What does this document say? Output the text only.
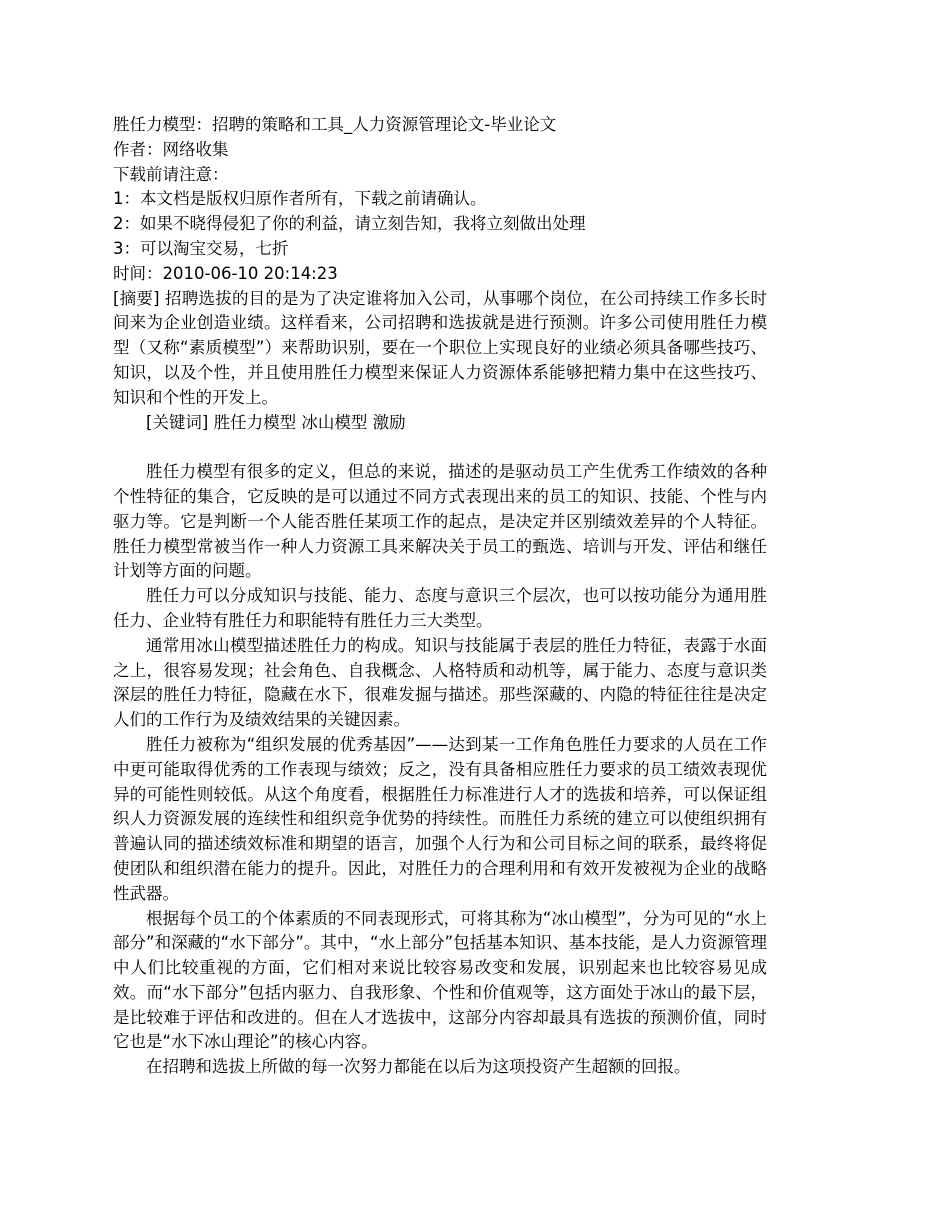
胜任力模型：招聘的策略和工具_人力资源管理论文-毕业论文
作者：网络收集
下载前请注意：
1：本文档是版权归原作者所有，下载之前请确认。
2：如果不晓得侵犯了你的利益，请立刻告知，我将立刻做出处理
3：可以淘宝交易，七折
时间：2010-06-10 20:14:23

[摘要] 招聘选拔的目的是为了决定谁将加入公司，从事哪个岗位，在公司持续工作多长时间来为企业创造业绩。这样看来，公司招聘和选拔就是进行预测。许多公司使用胜任力模型（又称“素质模型”）来帮助识别，要在一个职位上实现良好的业绩必须具备哪些技巧、知识，以及个性，并且使用胜任力模型来保证人力资源体系能够把精力集中在这些技巧、知识和个性的开发上。

[关键词] 胜任力模型 冰山模型 激励

胜任力模型有很多的定义，但总的来说，描述的是驱动员工产生优秀工作绩效的各种个性特征的集合，它反映的是可以通过不同方式表现出来的员工的知识、技能、个性与内驱力等。它是判断一个人能否胜任某项工作的起点，是决定并区别绩效差异的个人特征。胜任力模型常被当作一种人力资源工具来解决关于员工的甄选、培训与开发、评估和继任计划等方面的问题。

胜任力可以分成知识与技能、能力、态度与意识三个层次，也可以按功能分为通用胜任力、企业特有胜任力和职能特有胜任力三大类型。

通常用冰山模型描述胜任力的构成。知识与技能属于表层的胜任力特征，表露于水面之上，很容易发现；社会角色、自我概念、人格特质和动机等，属于能力、态度与意识类深层的胜任力特征，隐藏在水下，很难发掘与描述。那些深藏的、内隐的特征往往是决定人们的工作行为及绩效结果的关键因素。

胜任力被称为“组织发展的优秀基因”——达到某一工作角色胜任力要求的人员在工作中更可能取得优秀的工作表现与绩效；反之，没有具备相应胜任力要求的员工绩效表现优异的可能性则较低。从这个角度看，根据胜任力标准进行人才的选拔和培养，可以保证组织人力资源发展的连续性和组织竞争优势的持续性。而胜任力系统的建立可以使组织拥有普遍认同的描述绩效标准和期望的语言，加强个人行为和公司目标之间的联系，最终将促使团队和组织潜在能力的提升。因此，对胜任力的合理利用和有效开发被视为企业的战略性武器。

根据每个员工的个体素质的不同表现形式，可将其称为“冰山模型”，分为可见的“水上部分”和深藏的“水下部分”。其中，“水上部分”包括基本知识、基本技能，是人力资源管理中人们比较重视的方面，它们相对来说比较容易改变和发展，识别起来也比较容易见成效。而“水下部分”包括内驱力、自我形象、个性和价值观等，这方面处于冰山的最下层，是比较难于评估和改进的。但在人才选拔中，这部分内容却最具有选拔的预测价值，同时它也是“水下冰山理论”的核心内容。

在招聘和选拔上所做的每一次努力都能在以后为这项投资产生超额的回报。
